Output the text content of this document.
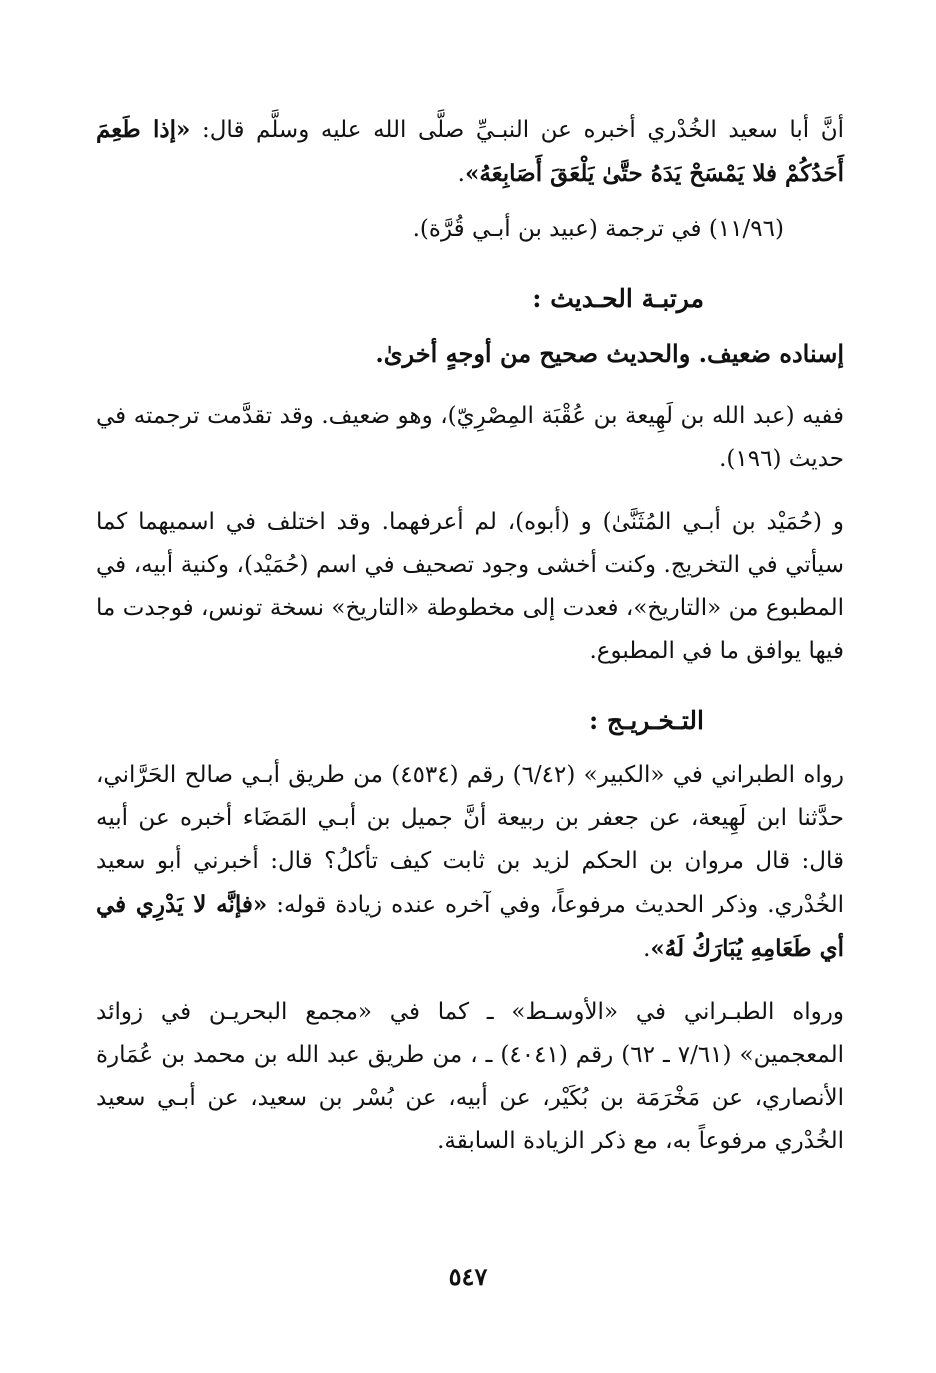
أنَّ أبا سعيد الخُدْري أخبره عن النبـيِّ صلَّى الله عليه وسلَّم قال: «إذا طَعِمَ أَحَدُكُمْ فلا يَمْسَحْ يَدَهُ حتَّىٰ يَلْعَقَ أَصَابِعَهُ».

(١١/٩٦) في ترجمة (عبيد بن أبـي قُرَّة).

مرتبـة الحـديث :

إسناده ضعيف. والحديث صحيح من أوجهٍ أخرىٰ.

ففيه (عبد الله بن لَهِيعة بن عُقْبَة المِصْرِيّ)، وهو ضعيف. وقد تقدَّمت ترجمته في حديث (١٩٦).

و (حُمَيْد بن أبـي المُثَنَّىٰ) و (أبوه)، لم أعرفهما. وقد اختلف في اسميهما كما سيأتي في التخريج. وكنت أخشى وجود تصحيف في اسم (حُمَيْد)، وكنية أبيه، في المطبوع من «التاريخ»، فعدت إلى مخطوطة «التاريخ» نسخة تونس، فوجدت ما فيها يوافق ما في المطبوع.

التـخـريـج :

رواه الطبراني في «الكبير» (٦/٤٢) رقم (٤٥٣٤) من طريق أبـي صالح الحَرَّاني، حدَّثنا ابن لَهِيعة، عن جعفر بن ربيعة أنَّ جميل بن أبـي المَضَاء أخبره عن أبيه قال: قال مروان بن الحكم لزيد بن ثابت كيف تأكلُ؟ قال: أخبرني أبو سعيد الخُدْري. وذكر الحديث مرفوعاً، وفي آخره عنده زيادة قوله: «فإنَّه لا يَدْرِي في أي طَعَامِهِ يُبَارَكُ لَهُ».

ورواه الطبـراني في «الأوسـط» ـ كما في «مجمع البحريـن في زوائد المعجمين» (٧/٦١ ـ ٦٢) رقم (٤٠٤١) ـ ، من طريق عبد الله بن محمد بن عُمَارة الأنصاري، عن مَخْرَمَة بن بُكَيْر، عن أبيه، عن بُسْر بن سعيد، عن أبـي سعيد الخُدْري مرفوعاً به، مع ذكر الزيادة السابقة.

٥٤٧
